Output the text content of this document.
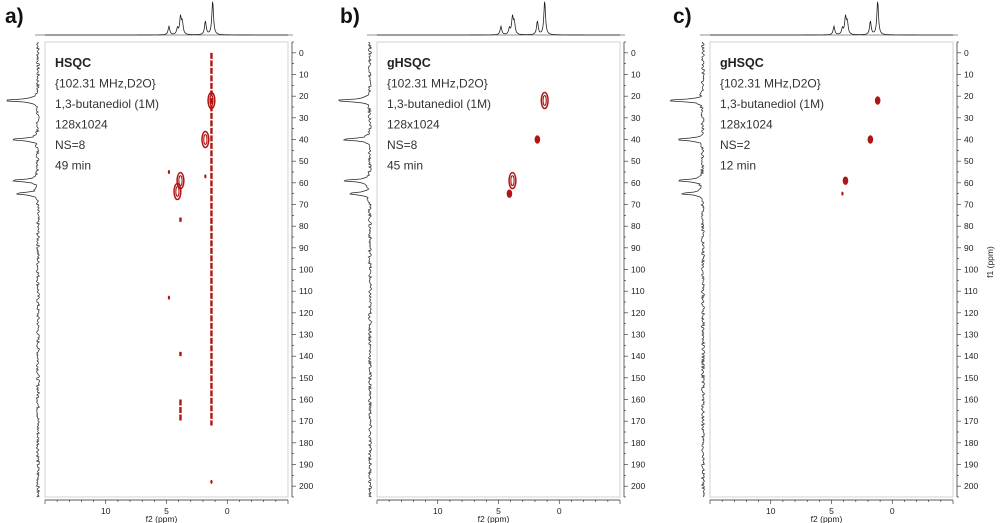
a)
0
10
20
30
40
50
60
70
80
90
100
110
120
130
140
150
160
170
180
190
200
10	5	0
f2 (ppm)
HSQC
{102.31 MHz,D2O}
1,3-butanediol (1M)
128x1024
NS=8
49 min
b)
0
10
20
30
40
50
60
70
80
90
100
110
120
130
140
150
160
170
180
190
200
10	5	0
f2 (ppm)
gHSQC
{102.31 MHz,D2O}
1,3-butanediol (1M)
128x1024
NS=8
45 min
c)
0
10
20
30
40
50
60
70
80
90
100
110
120
130
140
150
160
170
180
190
200
10	5	0
f2 (ppm)
gHSQC
{102.31 MHz,D2O}
1,3-butanediol (1M)
128x1024
NS=2
12 min
f1 (ppm)
